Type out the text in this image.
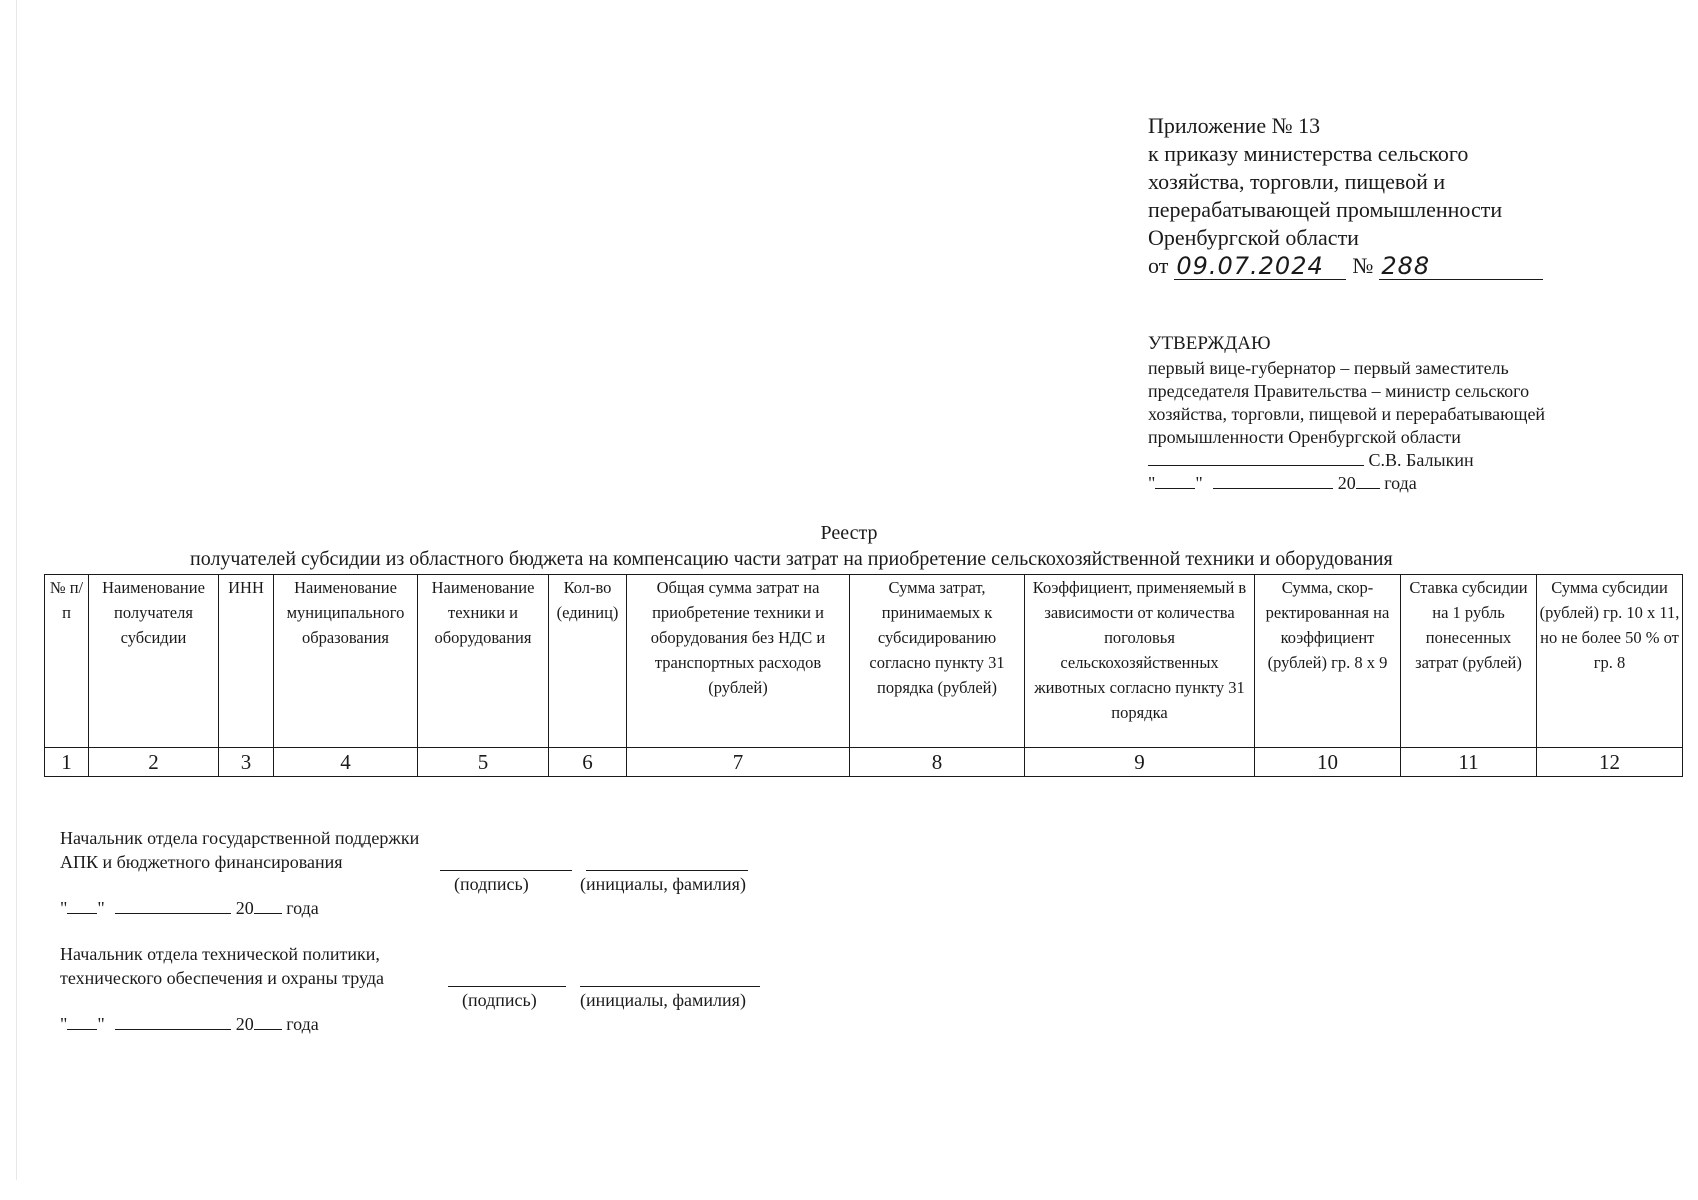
Приложение № 13
к приказу министерства сельского
хозяйства, торговли, пищевой и
перерабатывающей промышленности
Оренбургской области
от 09.07.2024	№ 288
УТВЕРЖДАЮ
первый вице-губернатор – первый заместитель
председателя Правительства – министр сельского
хозяйства, торговли, пищевой и перерабатывающей
промышленности Оренбургской области
С.В. Балыкин
" "	20 года
Реестр
получателей субсидии из областного бюджета на компенсацию части затрат на приобретение сельскохозяйственной техники и оборудования
№ п/п	Наименование получателя субсидии	ИНН	Наименование муниципального образования	Наименование техники и оборудования	Кол-во (единиц)	Общая сумма затрат на приобретение техники и оборудования без НДС и транспортных расходов (рублей)	Сумма затрат, принимаемых к субсидированию согласно пункту 31 порядка (рублей)	Коэффициент, применяемый в зависимости от количества поголовья сельскохозяйственных животных согласно пункту 31 порядка	Сумма, скор-ректированная на коэффициент (рублей) гр. 8 х 9	Ставка субсидии на 1 рубль понесенных затрат (рублей)	Сумма субсидии (рублей) гр. 10 х 11, но не более 50 % от гр. 8
1	2	3	4	5	6	7	8	9	10	11	12
Начальник отдела государственной поддержки
АПК и бюджетного финансирования
(подпись)	(инициалы, фамилия)
" "	20 года
Начальник отдела технической политики,
технического обеспечения и охраны труда
(подпись) (инициалы, фамилия)
" "	20 года
